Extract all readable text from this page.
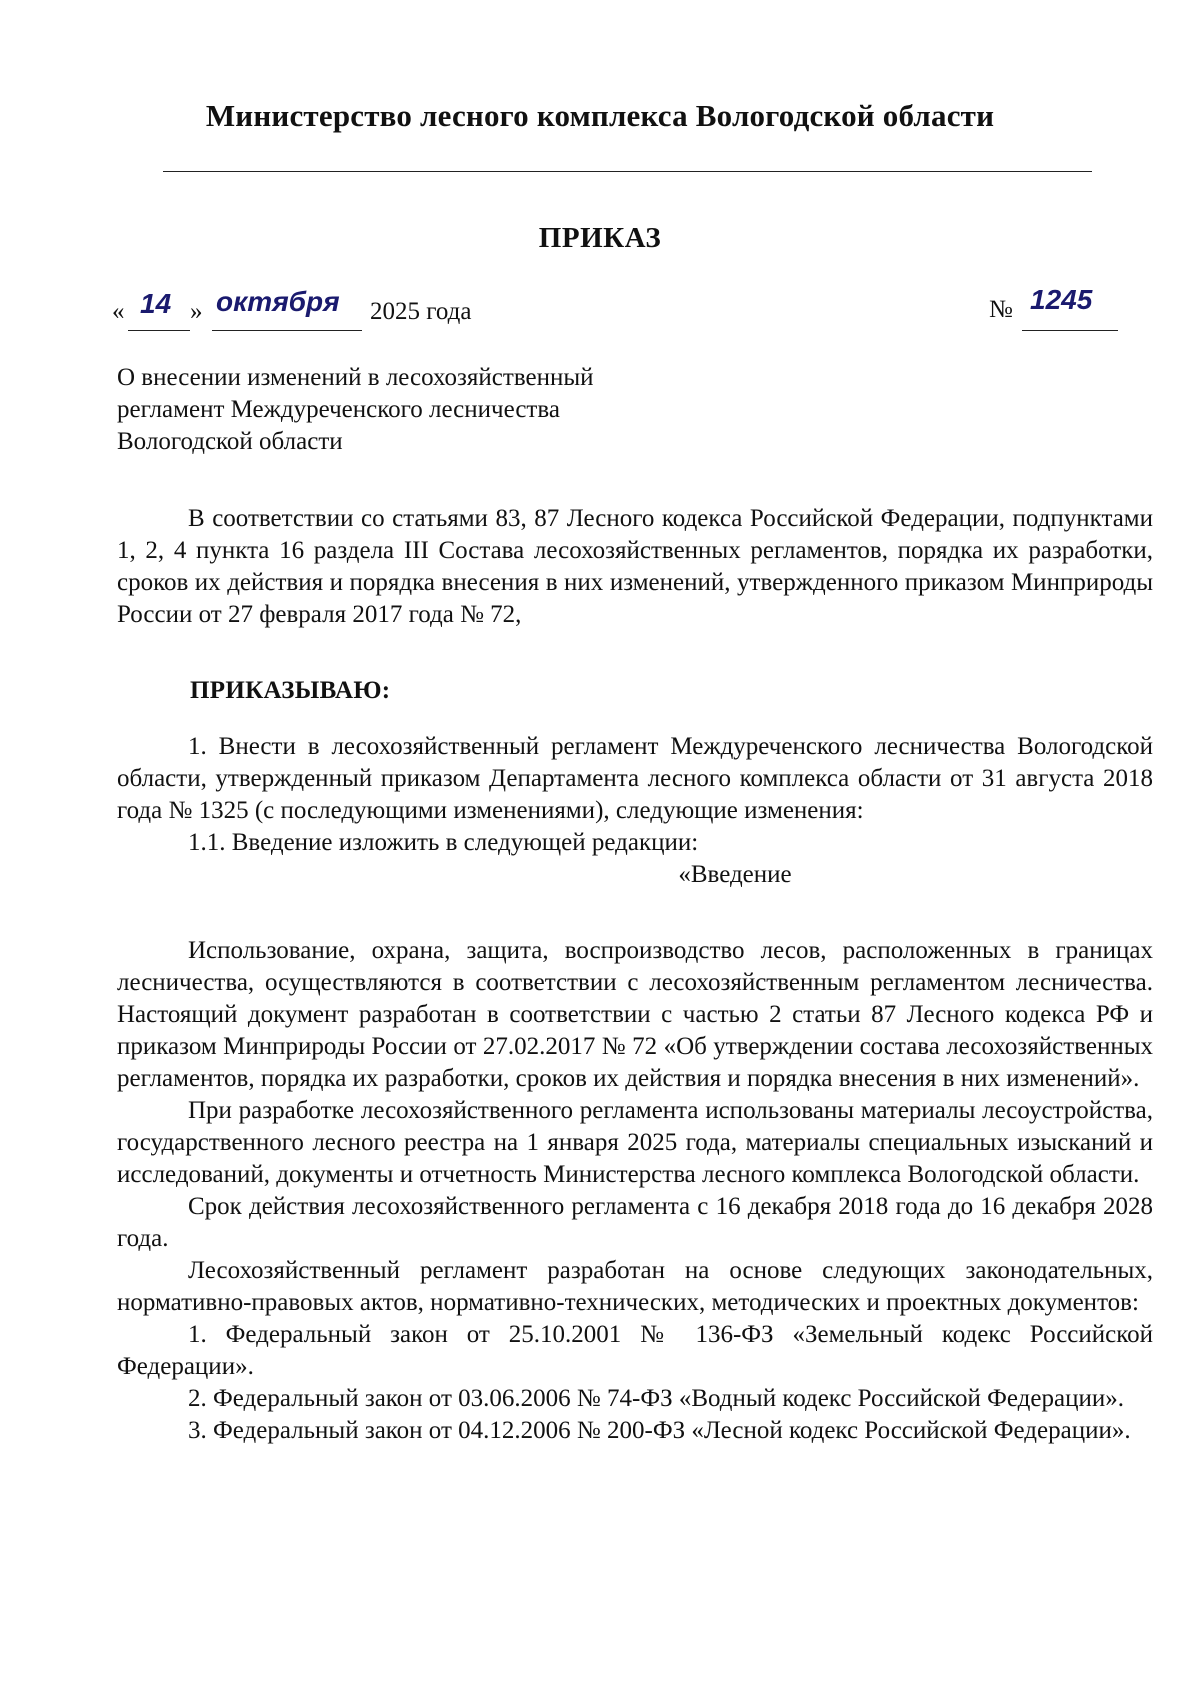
Министерство лесного комплекса Вологодской области
ПРИКАЗ
« 14 » октября 2025 года	№ 1245
О внесении изменений в лесохозяйственный
регламент Междуреченского лесничества
Вологодской области

В соответствии со статьями 83, 87 Лесного кодекса Российской Федерации, подпунктами 1, 2, 4 пункта 16 раздела III Состава лесохозяйственных регламентов, порядка их разработки, сроков их действия и порядка внесения в них изменений, утвержденного приказом Минприроды России от 27 февраля 2017 года № 72,

ПРИКАЗЫВАЮ:

1. Внести в лесохозяйственный регламент Междуреченского лесничества Вологодской области, утвержденный приказом Департамента лесного комплекса области от 31 августа 2018 года № 1325 (с последующими изменениями), следующие изменения:

1.1. Введение изложить в следующей редакции:

«Введение

Использование, охрана, защита, воспроизводство лесов, расположенных в границах лесничества, осуществляются в соответствии с лесохозяйственным регламентом лесничества. Настоящий документ разработан в соответствии с частью 2 статьи 87 Лесного кодекса РФ и приказом Минприроды России от 27.02.2017 № 72 «Об утверждении состава лесохозяйственных регламентов, порядка их разработки, сроков их действия и порядка внесения в них изменений».

При разработке лесохозяйственного регламента использованы материалы лесоустройства, государственного лесного реестра на 1 января 2025 года, материалы специальных изысканий и исследований, документы и отчетность Министерства лесного комплекса Вологодской области.

Срок действия лесохозяйственного регламента с 16 декабря 2018 года до 16 декабря 2028 года.

Лесохозяйственный регламент разработан на основе следующих законодательных, нормативно-правовых актов, нормативно-технических, методических и проектных документов:

1. Федеральный закон от 25.10.2001 № 136-ФЗ «Земельный кодекс Российской Федерации».

2. Федеральный закон от 03.06.2006 № 74-ФЗ «Водный кодекс Российской Федерации».

3. Федеральный закон от 04.12.2006 № 200-ФЗ «Лесной кодекс Российской Федерации».
